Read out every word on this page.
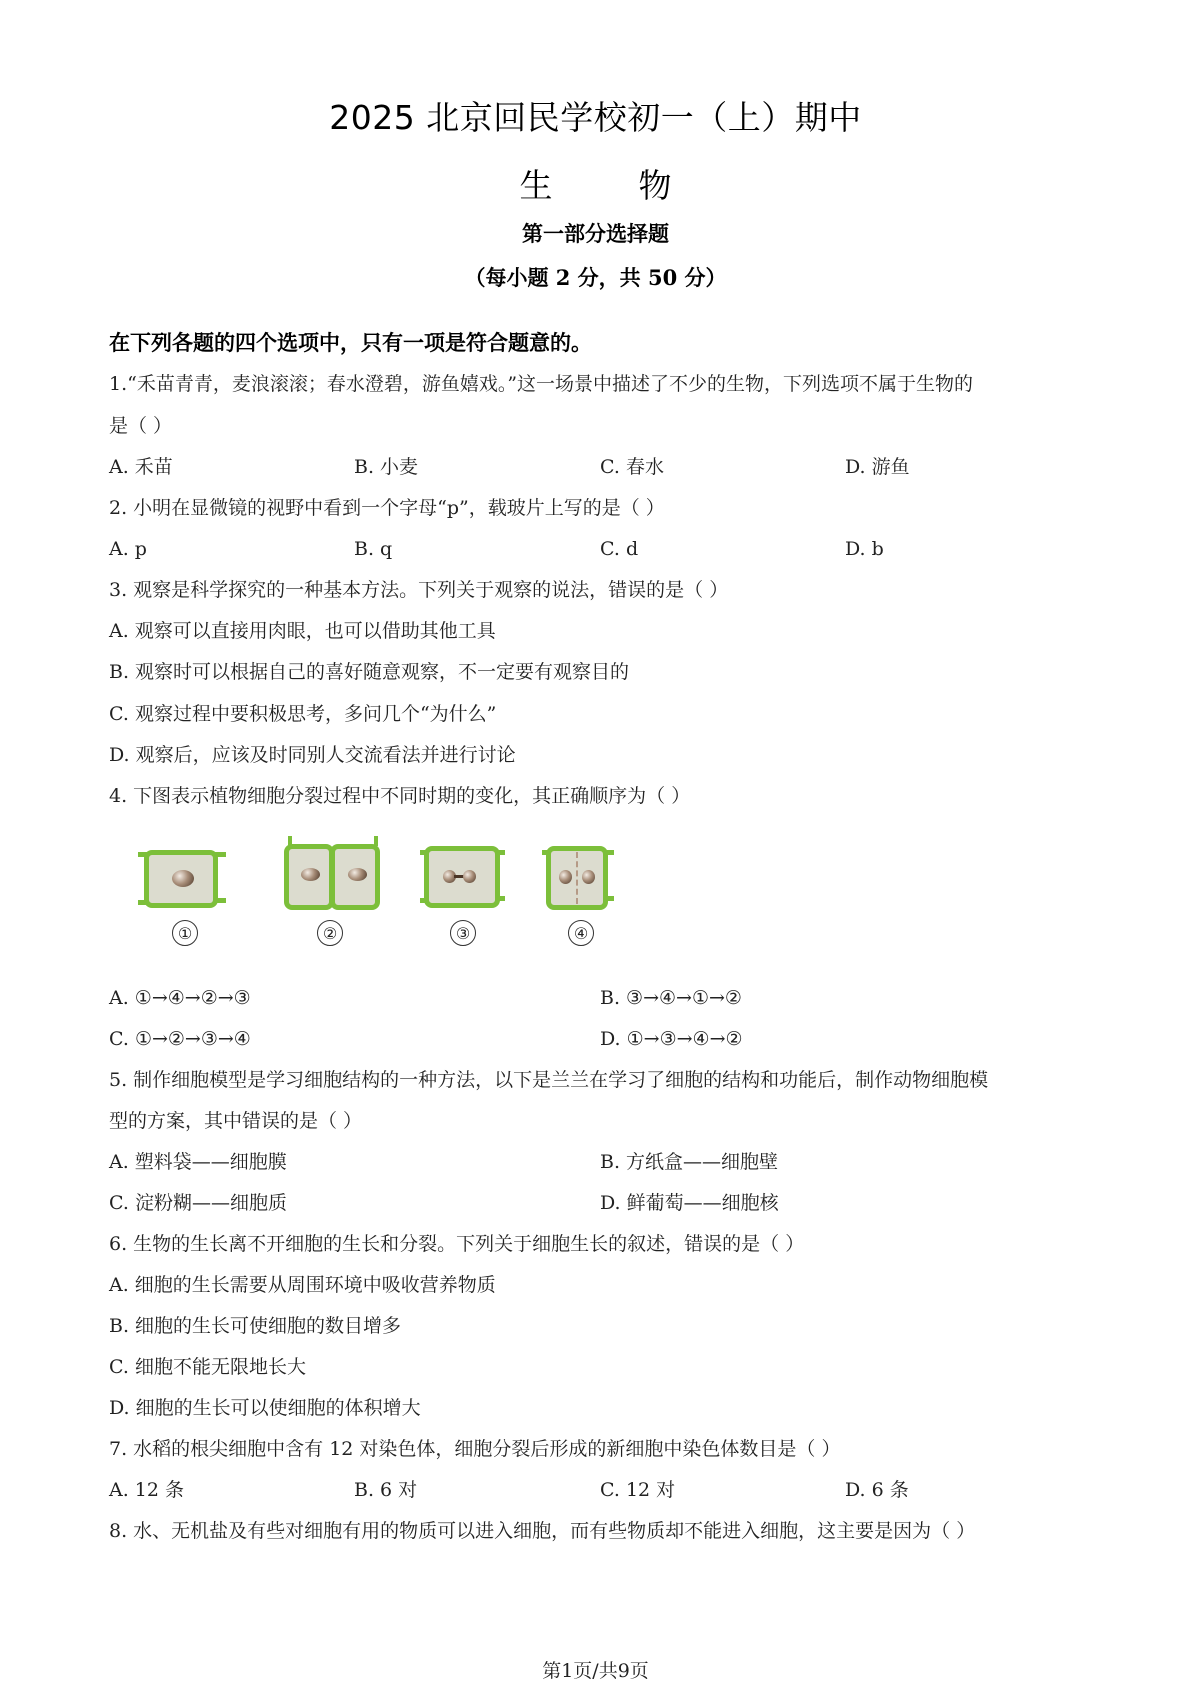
2025 北京回民学校初一（上）期中
生	物
第一部分选择题
（每小题 2 分，共 50 分）
在下列各题的四个选项中，只有一项是符合题意的。
1.“禾苗青青，麦浪滚滚；春水澄碧，游鱼嬉戏。”这一场景中描述了不少的生物，下列选项不属于生物的
是（ ）
A. 禾苗	B. 小麦	C. 春水	D. 游鱼
2. 小明在显微镜的视野中看到一个字母“p”，载玻片上写的是（ ）
A. p	B. q	C. d	D. b
3. 观察是科学探究的一种基本方法。下列关于观察的说法，错误的是（ ）
A. 观察可以直接用肉眼，也可以借助其他工具
B. 观察时可以根据自己的喜好随意观察，不一定要有观察目的
C. 观察过程中要积极思考，多问几个“为什么”
D. 观察后，应该及时同别人交流看法并进行讨论
4. 下图表示植物细胞分裂过程中不同时期的变化，其正确顺序为（ ）
①	②	③	④
A. ①→④→②→③	B. ③→④→①→②
C. ①→②→③→④	D. ①→③→④→②
5. 制作细胞模型是学习细胞结构的一种方法，以下是兰兰在学习了细胞的结构和功能后，制作动物细胞模
型的方案，其中错误的是（ ）
A. 塑料袋——细胞膜	B. 方纸盒——细胞壁
C. 淀粉糊——细胞质	D. 鲜葡萄——细胞核
6. 生物的生长离不开细胞的生长和分裂。下列关于细胞生长的叙述，错误的是（ ）
A. 细胞的生长需要从周围环境中吸收营养物质
B. 细胞的生长可使细胞的数目增多
C. 细胞不能无限地长大
D. 细胞的生长可以使细胞的体积增大
7. 水稻的根尖细胞中含有 12 对染色体，细胞分裂后形成的新细胞中染色体数目是（ ）
A. 12 条	B. 6 对	C. 12 对	D. 6 条
8. 水、无机盐及有些对细胞有用的物质可以进入细胞，而有些物质却不能进入细胞，这主要是因为（ ）
第1页/共9页
